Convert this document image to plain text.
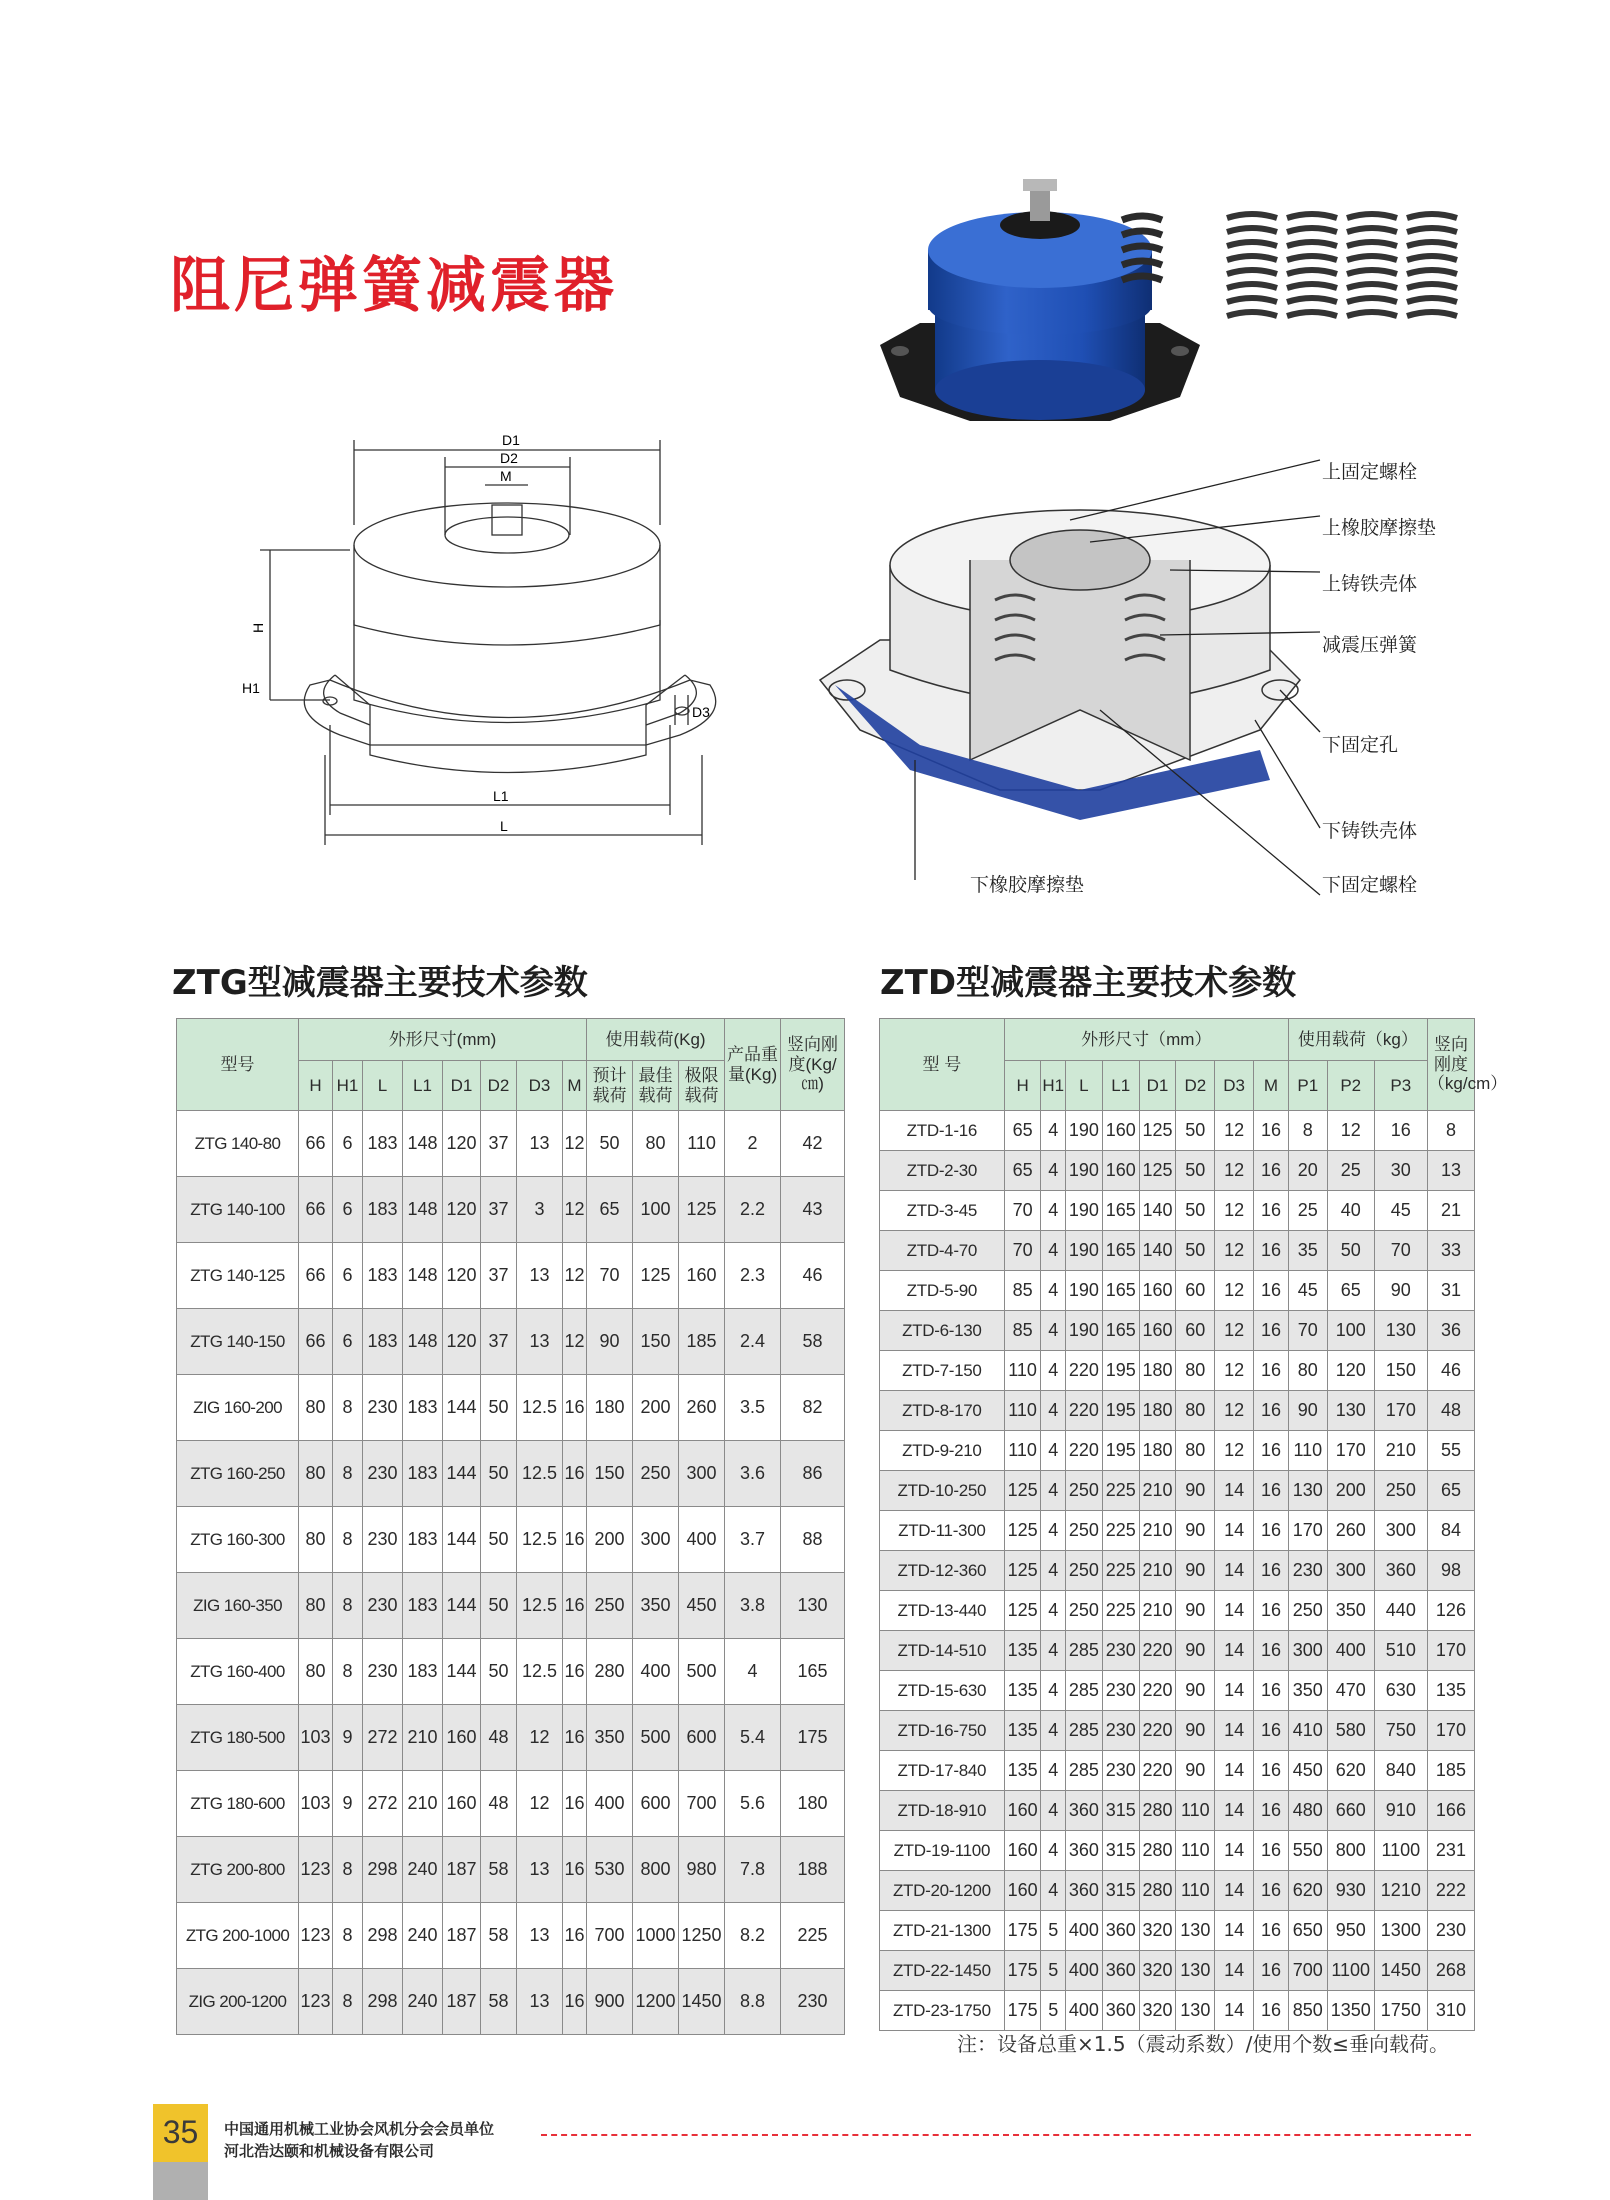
阻尼弹簧减震器
D1
D2
M
H
H1
D3
L1
L
上固定螺栓
上橡胶摩擦垫
上铸铁壳体
减震压弹簧
下固定孔
下铸铁壳体
下固定螺栓
下橡胶摩擦垫
ZTG型减震器主要技术参数	ZTD型减震器主要技术参数
型号	外形尺寸(mm)								使用载荷(Kg)			产品重量(Kg)	竖向刚度(Kg/㎝)
	H	H1	L	L1	D1	D2	D3	M	预计载荷	最佳载荷	极限载荷		
ZTG 140-80	66	6	183	148	120	37	13	12	50	80	110	2	42
ZTG 140-100	66	6	183	148	120	37	3	12	65	100	125	2.2	43
ZTG 140-125	66	6	183	148	120	37	13	12	70	125	160	2.3	46
ZTG 140-150	66	6	183	148	120	37	13	12	90	150	185	2.4	58
ZIG 160-200	80	8	230	183	144	50	12.5	16	180	200	260	3.5	82
ZTG 160-250	80	8	230	183	144	50	12.5	16	150	250	300	3.6	86
ZTG 160-300	80	8	230	183	144	50	12.5	16	200	300	400	3.7	88
ZIG 160-350	80	8	230	183	144	50	12.5	16	250	350	450	3.8	130
ZTG 160-400	80	8	230	183	144	50	12.5	16	280	400	500	4	165
ZTG 180-500	103	9	272	210	160	48	12	16	350	500	600	5.4	175
ZTG 180-600	103	9	272	210	160	48	12	16	400	600	700	5.6	180
ZTG 200-800	123	8	298	240	187	58	13	16	530	800	980	7.8	188
ZTG 200-1000	123	8	298	240	187	58	13	16	700	1000	1250	8.2	225
ZIG 200-1200	123	8	298	240	187	58	13	16	900	1200	1450	8.8	230
型 号	外形尺寸（mm）								使用载荷（kg）			竖向刚度（kg/cm）
	H	H1	L	L1	D1	D2	D3	M	P1	P2	P3	
ZTD-1-16	65	4	190	160	125	50	12	16	8	12	16	8
ZTD-2-30	65	4	190	160	125	50	12	16	20	25	30	13
ZTD-3-45	70	4	190	165	140	50	12	16	25	40	45	21
ZTD-4-70	70	4	190	165	140	50	12	16	35	50	70	33
ZTD-5-90	85	4	190	165	160	60	12	16	45	65	90	31
ZTD-6-130	85	4	190	165	160	60	12	16	70	100	130	36
ZTD-7-150	110	4	220	195	180	80	12	16	80	120	150	46
ZTD-8-170	110	4	220	195	180	80	12	16	90	130	170	48
ZTD-9-210	110	4	220	195	180	80	12	16	110	170	210	55
ZTD-10-250	125	4	250	225	210	90	14	16	130	200	250	65
ZTD-11-300	125	4	250	225	210	90	14	16	170	260	300	84
ZTD-12-360	125	4	250	225	210	90	14	16	230	300	360	98
ZTD-13-440	125	4	250	225	210	90	14	16	250	350	440	126
ZTD-14-510	135	4	285	230	220	90	14	16	300	400	510	170
ZTD-15-630	135	4	285	230	220	90	14	16	350	470	630	135
ZTD-16-750	135	4	285	230	220	90	14	16	410	580	750	170
ZTD-17-840	135	4	285	230	220	90	14	16	450	620	840	185
ZTD-18-910	160	4	360	315	280	110	14	16	480	660	910	166
ZTD-19-1100	160	4	360	315	280	110	14	16	550	800	1100	231
ZTD-20-1200	160	4	360	315	280	110	14	16	620	930	1210	222
ZTD-21-1300	175	5	400	360	320	130	14	16	650	950	1300	230
ZTD-22-1450	175	5	400	360	320	130	14	16	700	1100	1450	268
ZTD-23-1750	175	5	400	360	320	130	14	16	850	1350	1750	310
注：设备总重×1.5（震动系数）/使用个数≤垂向载荷。
35	中国通用机械工业协会风机分会会员单位
河北浩达颐和机械设备有限公司
